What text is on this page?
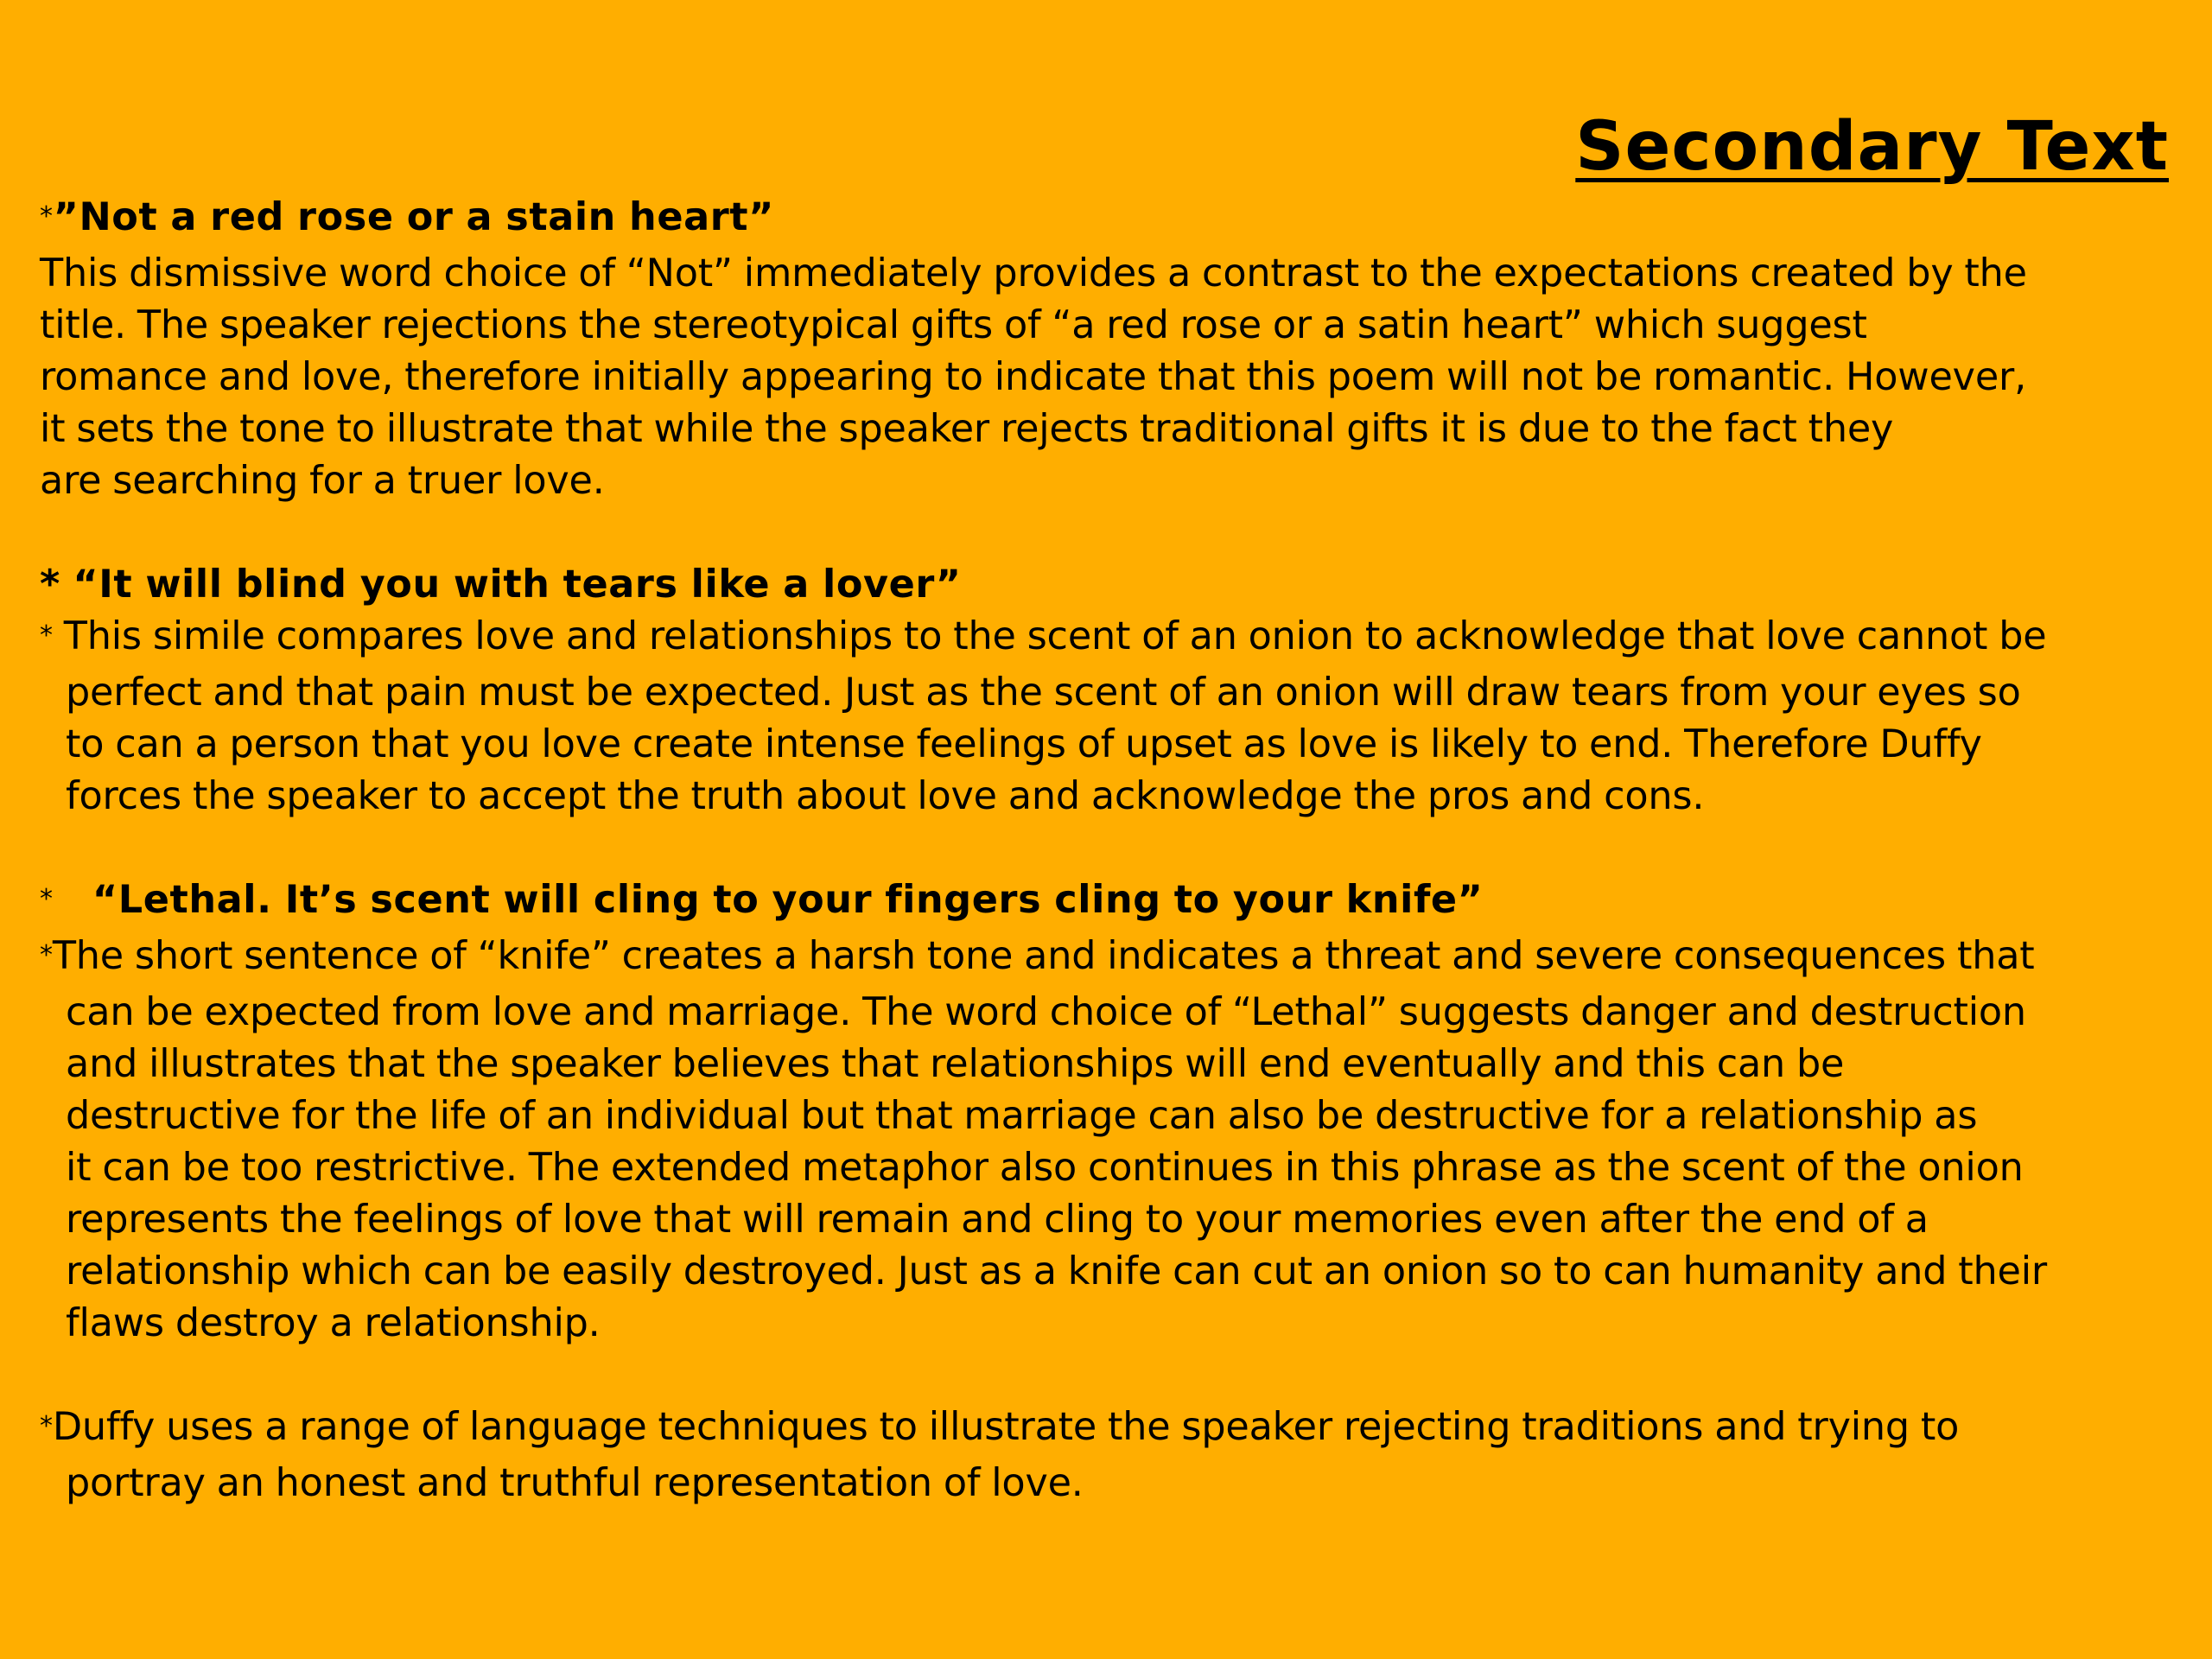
Secondary Text
*”Not a red rose or a stain heart”
This dismissive word choice of “Not” immediately provides a contrast to the expectations created by the
title. The speaker rejections the stereotypical gifts of “a red rose or a satin heart” which suggest
romance and love, therefore initially appearing to indicate that this poem will not be romantic. However,
it sets the tone to illustrate that while the speaker rejects traditional gifts it is due to the fact they
are searching for a truer love.
* “It will blind you with tears like a lover”
* This simile compares love and relationships to the scent of an onion to acknowledge that love cannot be
perfect and that pain must be expected. Just as the scent of an onion will draw tears from your eyes so
to can a person that you love create intense feelings of upset as love is likely to end. Therefore Duffy
forces the speaker to accept the truth about love and acknowledge the pros and cons.
*   “Lethal. It’s scent will cling to your fingers cling to your knife”
*The short sentence of “knife” creates a harsh tone and indicates a threat and severe consequences that
can be expected from love and marriage. The word choice of “Lethal” suggests danger and destruction
and illustrates that the speaker believes that relationships will end eventually and this can be
destructive for the life of an individual but that marriage can also be destructive for a relationship as
it can be too restrictive. The extended metaphor also continues in this phrase as the scent of the onion
represents the feelings of love that will remain and cling to your memories even after the end of a
relationship which can be easily destroyed. Just as a knife can cut an onion so to can humanity and their
flaws destroy a relationship.
*Duffy uses a range of language techniques to illustrate the speaker rejecting traditions and trying to
portray an honest and truthful representation of love.
